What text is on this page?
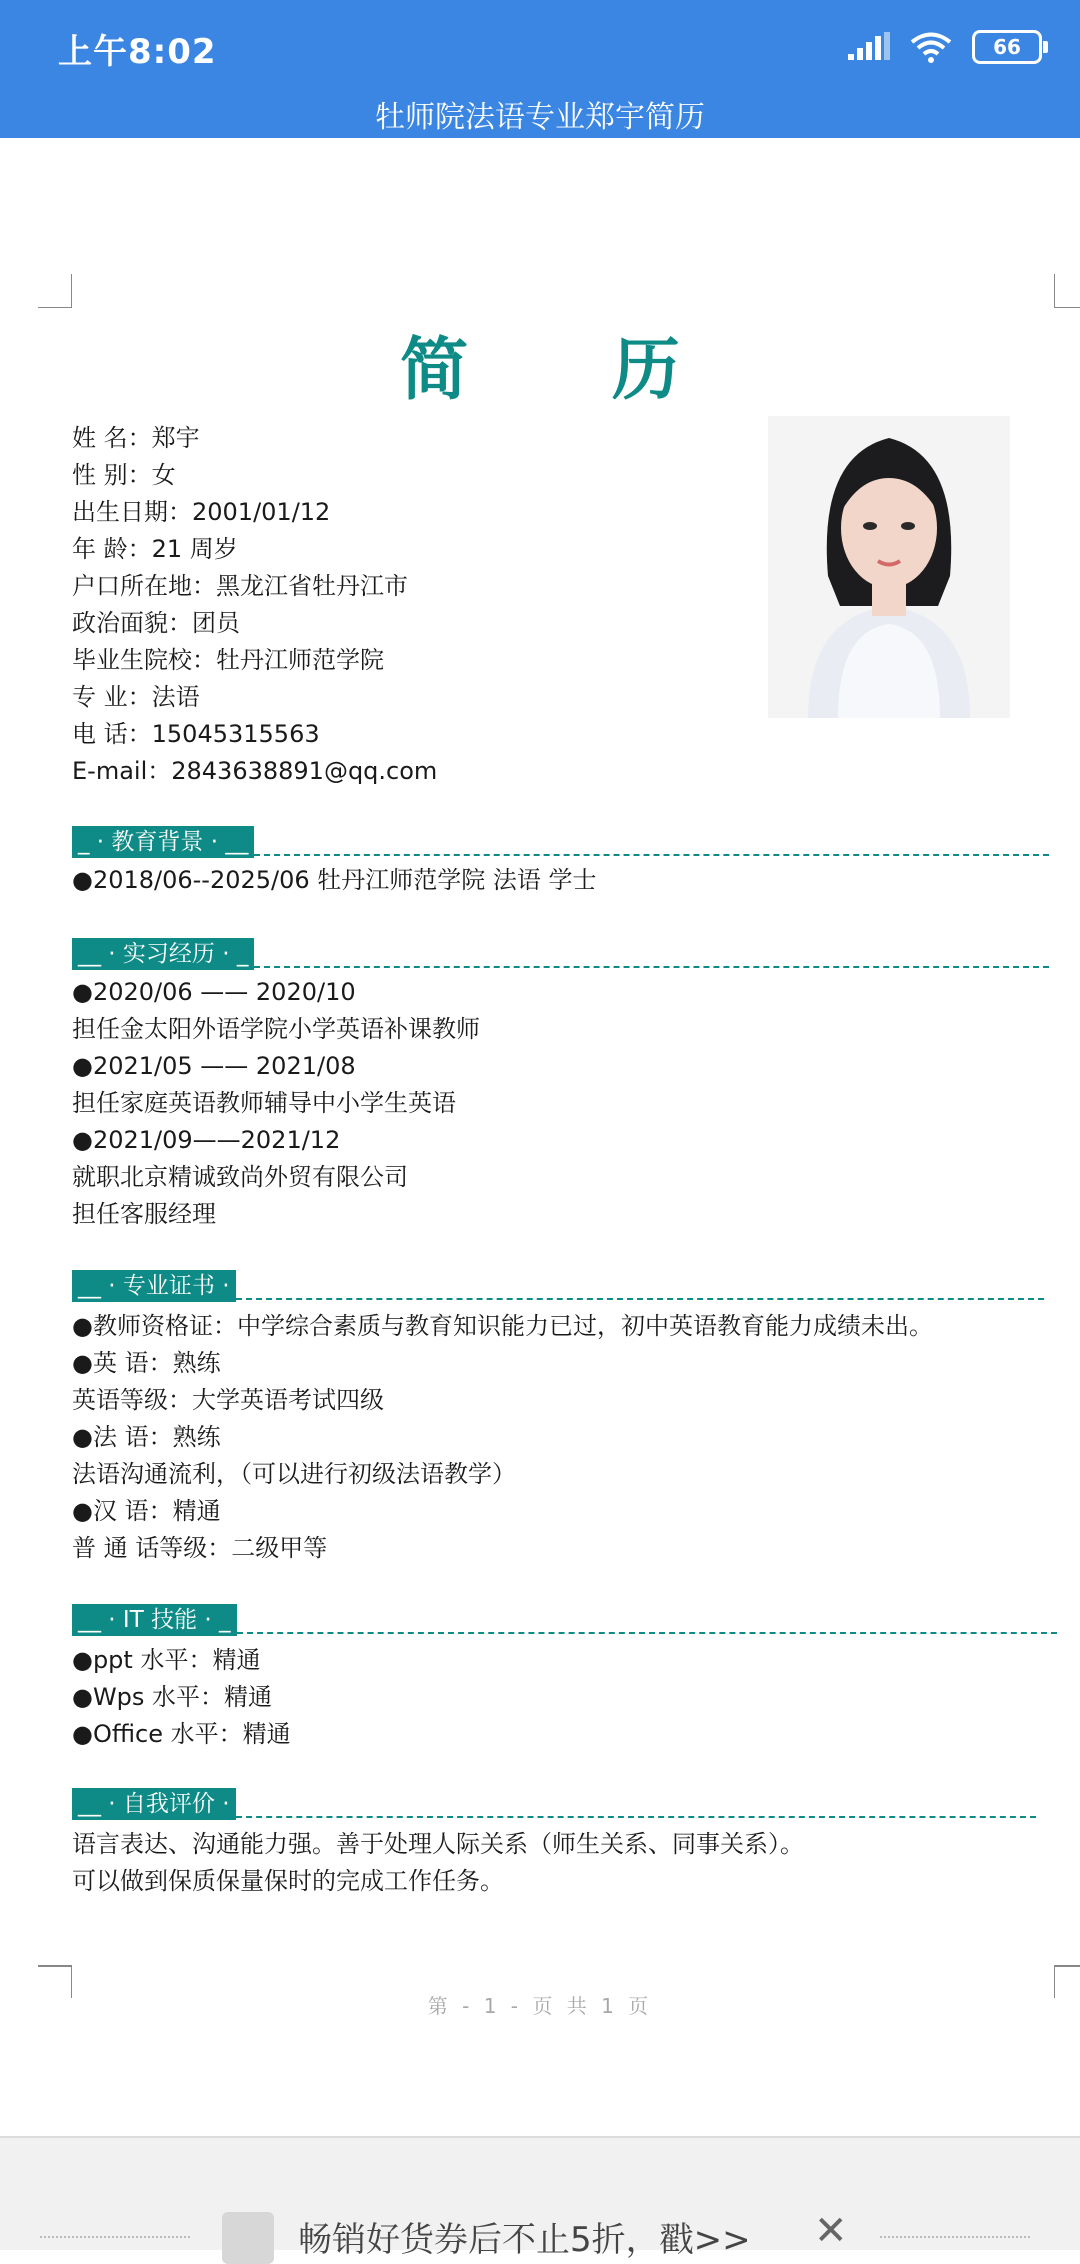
上午8:02	66
牡师院法语专业郑宇简历
简 历
姓 名：郑宇
性 别：女
出生日期：2001/01/12
年 龄：21 周岁
户口所在地：黑龙江省牡丹江市
政治面貌：团员
毕业生院校：牡丹江师范学院
专 业：法语
电 话：15045315563
E-mail：2843638891@qq.com
_ · 教育背景 · __
●2018/06--2025/06 牡丹江师范学院 法语 学士
__ · 实习经历 · _
●2020/06 —— 2020/10
担任金太阳外语学院小学英语补课教师
●2021/05 —— 2021/08
担任家庭英语教师辅导中小学生英语
●2021/09——2021/12
就职北京精诚致尚外贸有限公司
担任客服经理
__ · 专业证书 ·
●教师资格证：中学综合素质与教育知识能力已过，初中英语教育能力成绩未出。
●英 语：熟练
英语等级：大学英语考试四级
●法 语：熟练
法语沟通流利，（可以进行初级法语教学）
●汉 语：精通
普 通 话等级：二级甲等
__ · IT 技能 · _
●ppt 水平：精通
●Wps 水平：精通
●Office 水平：精通
__ · 自我评价 ·
语言表达、沟通能力强。善于处理人际关系（师生关系、同事关系）。
可以做到保质保量保时的完成工作任务。
第 - 1 - 页 共 1 页
畅销好货券后不止5折，戳>> ✕
